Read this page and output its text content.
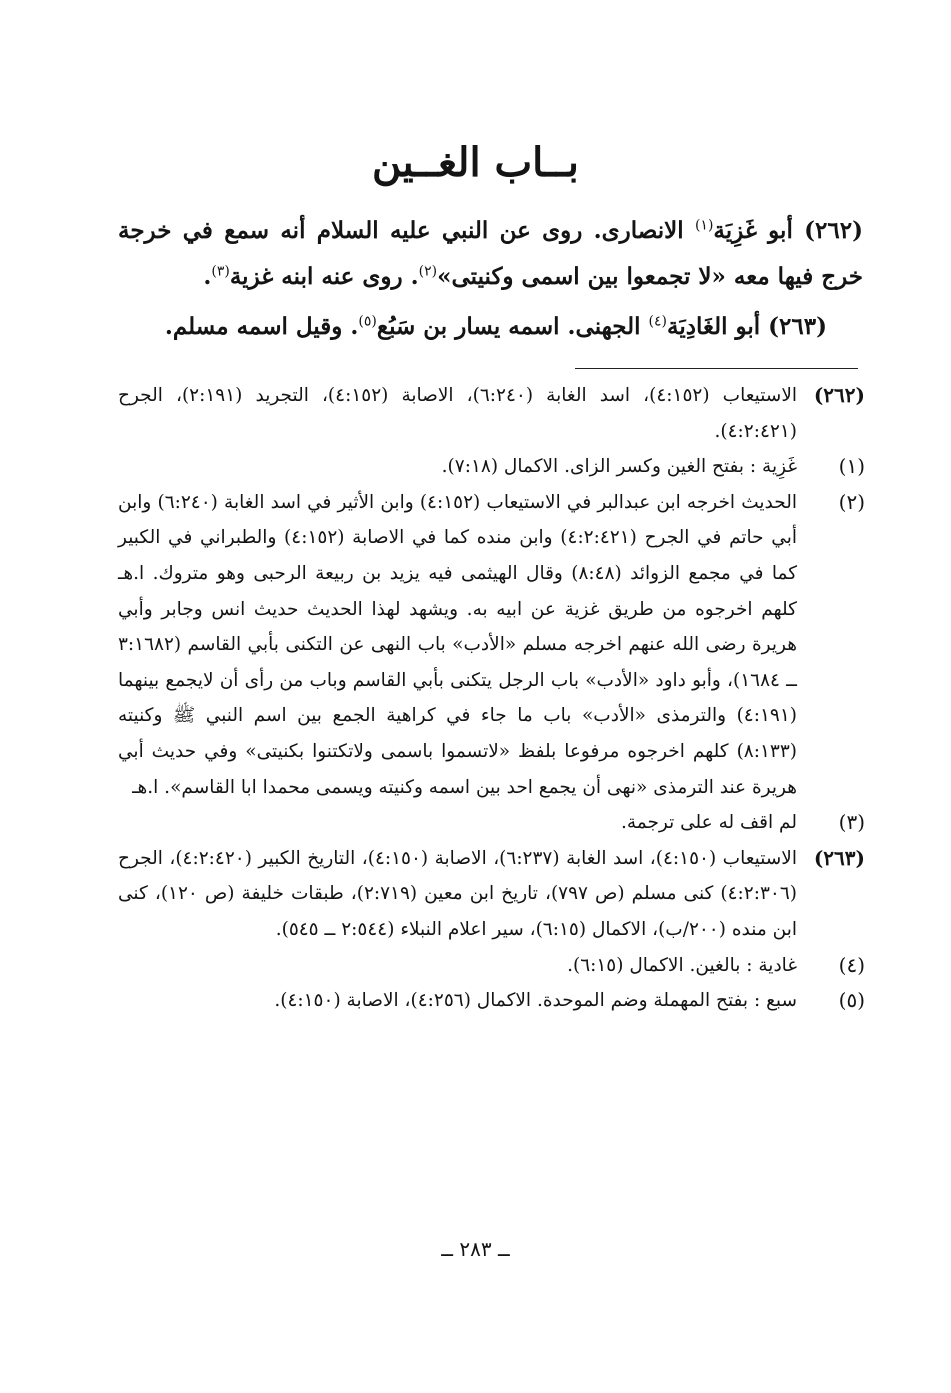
بــاب الغــين

(٢٦٢) أبو غَزِيَة$^{(١)}$ الانصارى. روى عن النبي عليه السلام أنه سمع في خرجة خرج فيها معه «لا تجمعوا بين اسمى وكنيتى»$^{(٢)}$. روى عنه ابنه غزية$^{(٣)}$.

(٢٦٣) أبو الغَادِيَة$^{(٤)}$ الجهنى. اسمه يسار بن سَبُع$^{(٥)}$. وقيل اسمه مسلم.

(٢٦٢)
الاستيعاب (٤:١٥٢)، اسد الغابة (٦:٢٤٠)، الاصابة (٤:١٥٢)، التجريد (٢:١٩١)، الجرح (٤:٢:٤٢١).
(١)
غَزِية : بفتح الغين وكسر الزاى. الاكمال (٧:١٨).
(٢)
الحديث اخرجه ابن عبدالبر في الاستيعاب (٤:١٥٢) وابن الأثير في اسد الغابة (٦:٢٤٠) وابن أبي حاتم في الجرح (٤:٢:٤٢١) وابن منده كما في الاصابة (٤:١٥٢) والطبراني في الكبير كما في مجمع الزوائد (٨:٤٨) وقال الهيثمى فيه يزيد بن ربيعة الرحبى وهو متروك. ا.هـ كلهم اخرجوه من طريق غزية عن ابيه به. ويشهد لهذا الحديث حديث انس وجابر وأبي هريرة رضى الله عنهم اخرجه مسلم «الأدب» باب النهى عن التكنى بأبي القاسم (٣:١٦٨٢ ــ ١٦٨٤)، وأبو داود «الأدب» باب الرجل يتكنى بأبي القاسم وباب من رأى أن لايجمع بينهما (٤:١٩١) والترمذى «الأدب» باب ما جاء في كراهية الجمع بين اسم النبي ﷺ وكنيته (٨:١٣٣) كلهم اخرجوه مرفوعا بلفظ «لاتسموا باسمى ولاتكتنوا بكنيتى» وفي حديث أبي هريرة عند الترمذى «نهى أن يجمع احد بين اسمه وكنيته ويسمى محمدا ابا القاسم». ا.هـ
(٣)
لم اقف له على ترجمة.
(٢٦٣)
الاستيعاب (٤:١٥٠)، اسد الغابة (٦:٢٣٧)، الاصابة (٤:١٥٠)، التاريخ الكبير (٤:٢:٤٢٠)، الجرح (٤:٢:٣٠٦) كنى مسلم (ص ٧٩٧)، تاريخ ابن معين (٢:٧١٩)، طبقات خليفة (ص ١٢٠)، كنى ابن منده (٢٠٠/ب)، الاكمال (٦:١٥)، سير اعلام النبلاء (٢:٥٤٤ ــ ٥٤٥).
(٤)
غادية : بالغين. الاكمال (٦:١٥).
(٥)
سبع : بفتح المهملة وضم الموحدة. الاكمال (٤:٢٥٦)، الاصابة (٤:١٥٠).
ــ ٢٨٣ ــ
